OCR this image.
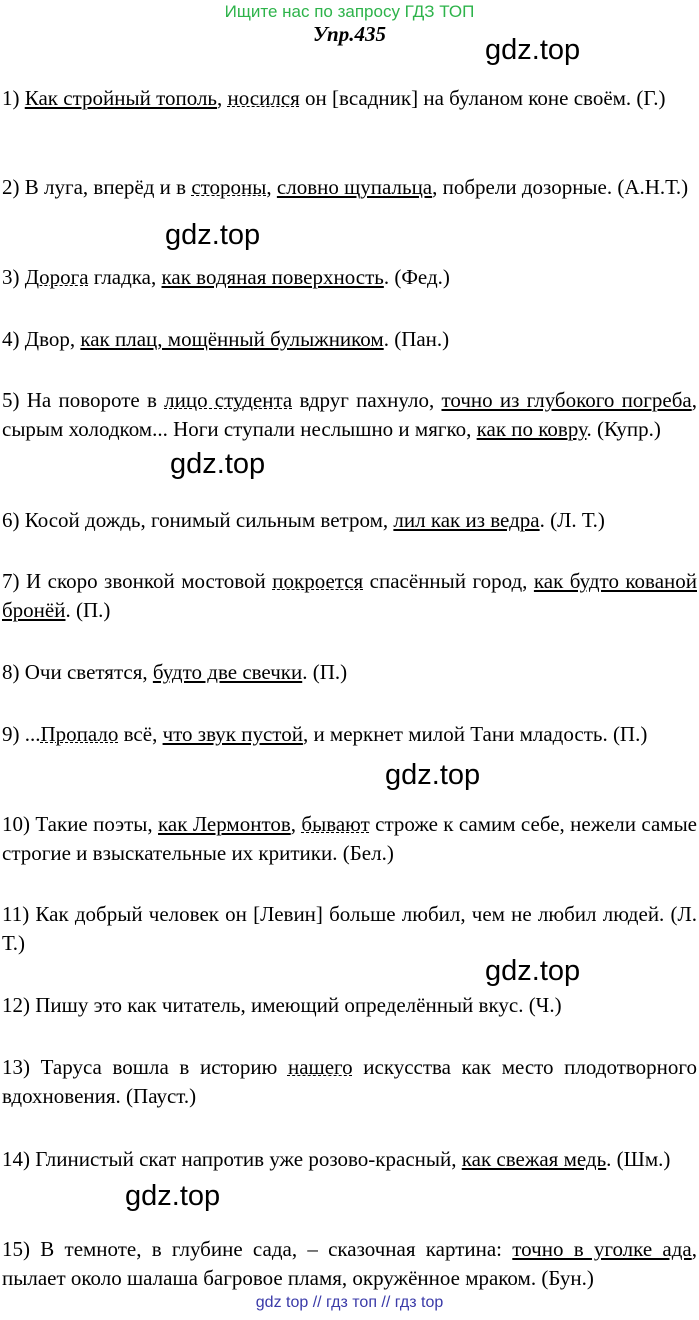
Ищите нас по запросу ГДЗ ТОП
Упр.435	gdz.top
gdz.top
gdz.top
gdz.top
gdz.top
gdz.top
1) Как стройный тополь, носился он [всадник] на буланом коне своём. (Г.)
2) В луга, вперёд и в стороны, словно щупальца, побрели дозорные. (А.Н.Т.)
3) Дорога гладка, как водяная поверхность. (Фед.)
4) Двор, как плац, мощённый булыжником. (Пан.)
5) На повороте в лицо студента вдруг пахнуло, точно из глубокого погреба, сырым холодком... Ноги ступали неслышно и мягко, как по ковру. (Купр.)
6) Косой дождь, гонимый сильным ветром, лил как из ведра. (Л. Т.)
7) И скоро звонкой мостовой покроется спасённый город, как будто кованой бронёй. (П.)
8) Очи светятся, будто две свечки. (П.)
9) ...Пропало всё, что звук пустой, и меркнет милой Тани младость. (П.)
10) Такие поэты, как Лермонтов, бывают строже к самим себе, нежели самые строгие и взыскательные их критики. (Бел.)
11) Как добрый человек он [Левин] больше любил, чем не любил людей. (Л. Т.)
12) Пишу это как читатель, имеющий определённый вкус. (Ч.)
13) Таруса вошла в историю нашего искусства как место плодотворного вдохновения. (Пауст.)
14) Глинистый скат напротив уже розово-красный, как свежая медь. (Шм.)
15) В темноте, в глубине сада, – сказочная картина: точно в уголке ада, пылает около шалаша багровое пламя, окружённое мраком. (Бун.)
gdz top // гдз топ // гдз top
